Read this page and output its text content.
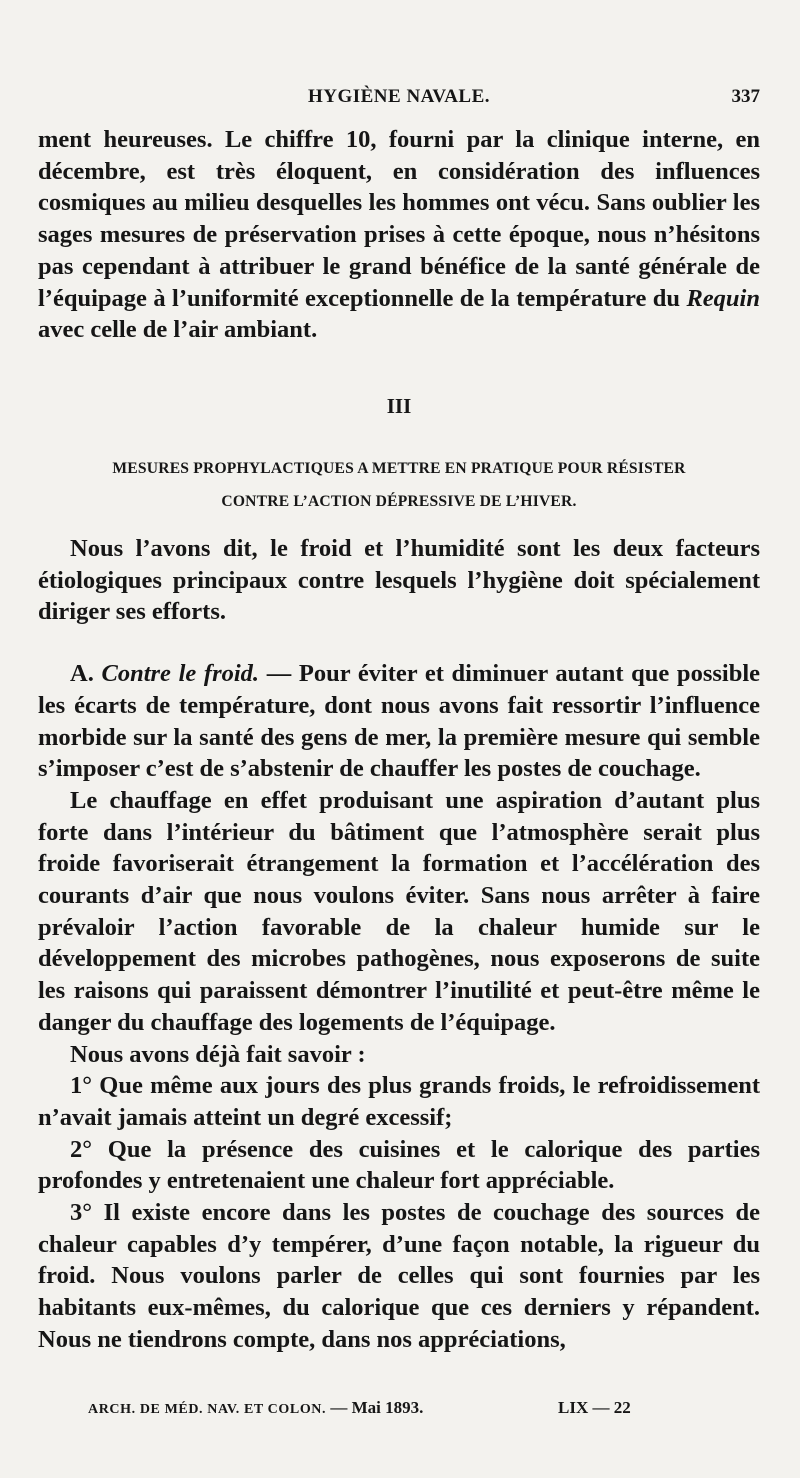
HYGIÈNE NAVALE.	337

ment heureuses. Le chiffre 10, fourni par la clinique interne, en décembre, est très éloquent, en considération des influences cosmiques au milieu desquelles les hommes ont vécu. Sans oublier les sages mesures de préservation prises à cette époque, nous n’hésitons pas cependant à attribuer le grand bénéfice de la santé générale de l’équipage à l’uniformité exceptionnelle de la température du Requin avec celle de l’air ambiant.

III

MESURES PROPHYLACTIQUES A METTRE EN PRATIQUE POUR RÉSISTER

CONTRE L’ACTION DÉPRESSIVE DE L’HIVER.

Nous l’avons dit, le froid et l’humidité sont les deux facteurs étiologiques principaux contre lesquels l’hygiène doit spécialement diriger ses efforts.

A. Contre le froid. — Pour éviter et diminuer autant que possible les écarts de température, dont nous avons fait ressortir l’influence morbide sur la santé des gens de mer, la première mesure qui semble s’imposer c’est de s’abstenir de chauffer les postes de couchage.

Le chauffage en effet produisant une aspiration d’autant plus forte dans l’intérieur du bâtiment que l’atmosphère serait plus froide favoriserait étrangement la formation et l’accélération des courants d’air que nous voulons éviter. Sans nous arrêter à faire prévaloir l’action favorable de la chaleur humide sur le développement des microbes pathogènes, nous exposerons de suite les raisons qui paraissent démontrer l’inutilité et peut-être même le danger du chauffage des logements de l’équipage.

Nous avons déjà fait savoir :

1° Que même aux jours des plus grands froids, le refroidissement n’avait jamais atteint un degré excessif;

2° Que la présence des cuisines et le calorique des parties profondes y entretenaient une chaleur fort appréciable.

3° Il existe encore dans les postes de couchage des sources de chaleur capables d’y tempérer, d’une façon notable, la rigueur du froid. Nous voulons parler de celles qui sont fournies par les habitants eux-mêmes, du calorique que ces derniers y répandent. Nous ne tiendrons compte, dans nos appréciations,

ARCH. DE MÉD. NAV. ET COLON. — Mai 1893.	LIX — 22
